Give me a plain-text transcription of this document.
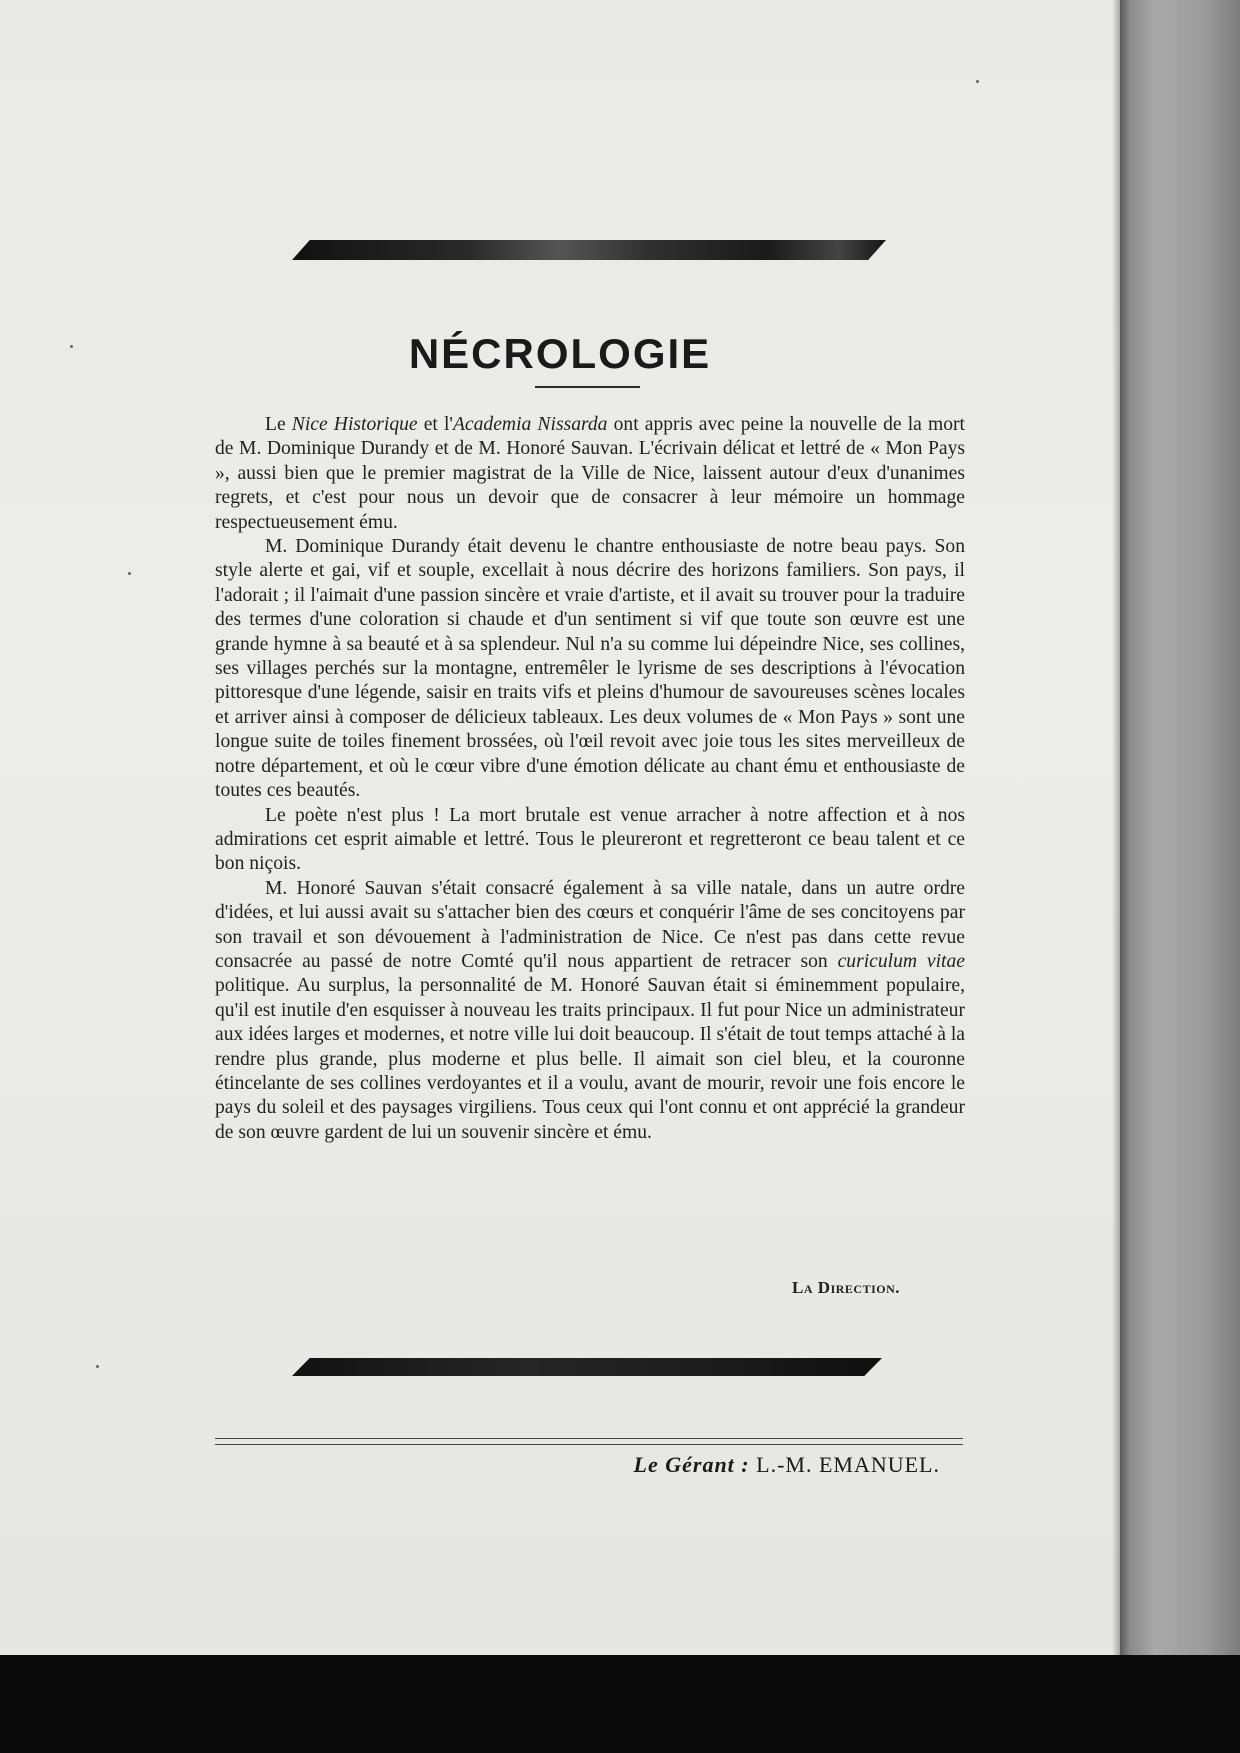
NÉCROLOGIE

Le Nice Historique et l'Academia Nissarda ont appris avec peine la nouvelle de la mort de M. Dominique Durandy et de M. Honoré Sauvan. L'écrivain délicat et lettré de « Mon Pays », aussi bien que le premier magistrat de la Ville de Nice, laissent autour d'eux d'unanimes regrets, et c'est pour nous un devoir que de consacrer à leur mémoire un hommage respectueusement ému.

M. Dominique Durandy était devenu le chantre enthousiaste de notre beau pays. Son style alerte et gai, vif et souple, excellait à nous décrire des horizons familiers. Son pays, il l'adorait ; il l'aimait d'une passion sincère et vraie d'artiste, et il avait su trouver pour la traduire des termes d'une coloration si chaude et d'un sentiment si vif que toute son œuvre est une grande hymne à sa beauté et à sa splendeur. Nul n'a su comme lui dépeindre Nice, ses collines, ses villages perchés sur la montagne, entremêler le lyrisme de ses descriptions à l'évocation pittoresque d'une légende, saisir en traits vifs et pleins d'humour de savoureuses scènes locales et arriver ainsi à composer de délicieux tableaux. Les deux volumes de « Mon Pays » sont une longue suite de toiles finement brossées, où l'œil revoit avec joie tous les sites merveilleux de notre département, et où le cœur vibre d'une émotion délicate au chant ému et enthousiaste de toutes ces beautés.

Le poète n'est plus ! La mort brutale est venue arracher à notre affection et à nos admirations cet esprit aimable et lettré. Tous le pleureront et regretteront ce beau talent et ce bon niçois.

M. Honoré Sauvan s'était consacré également à sa ville natale, dans un autre ordre d'idées, et lui aussi avait su s'attacher bien des cœurs et conquérir l'âme de ses concitoyens par son travail et son dévouement à l'administration de Nice. Ce n'est pas dans cette revue consacrée au passé de notre Comté qu'il nous appartient de retracer son curiculum vitae politique. Au surplus, la personnalité de M. Honoré Sauvan était si éminemment populaire, qu'il est inutile d'en esquisser à nouveau les traits principaux. Il fut pour Nice un administrateur aux idées larges et modernes, et notre ville lui doit beaucoup. Il s'était de tout temps attaché à la rendre plus grande, plus moderne et plus belle. Il aimait son ciel bleu, et la couronne étincelante de ses collines verdoyantes et il a voulu, avant de mourir, revoir une fois encore le pays du soleil et des paysages virgiliens. Tous ceux qui l'ont connu et ont apprécié la grandeur de son œuvre gardent de lui un souvenir sincère et ému.

La Direction.
Le Gérant : L.-M. EMANUEL.
